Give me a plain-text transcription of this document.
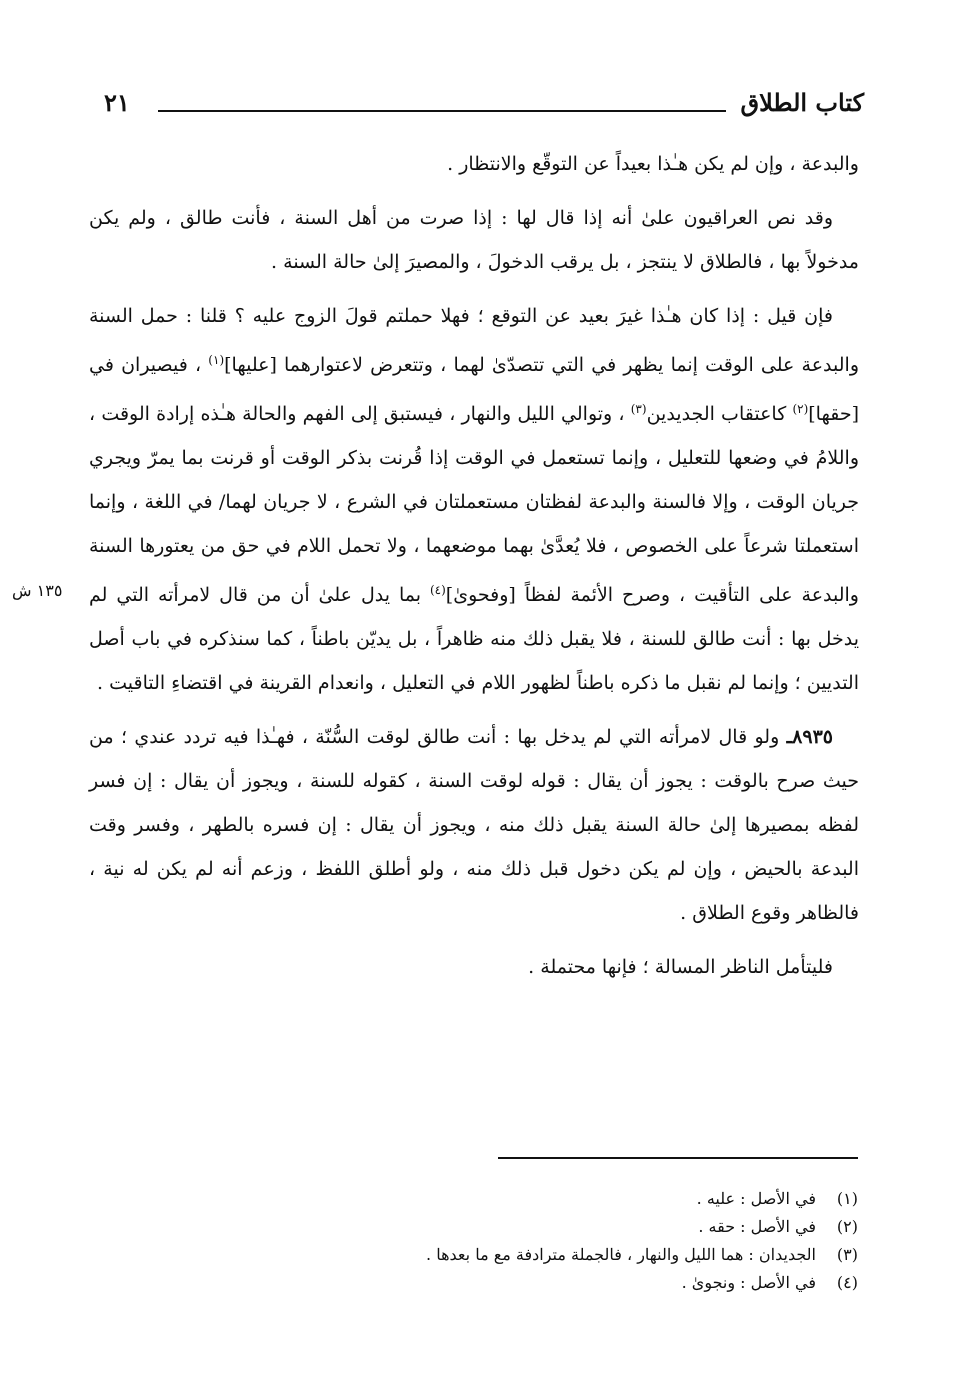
كتاب الطلاق
٢١
١٣٥ ش

والبدعة ، وإن لم يكن هـٰذا بعيداً عن التوقّع والانتظار .

وقد نص العراقيون علىٰ أنه إذا قال لها : إذا صرت من أهل السنة ، فأنت طالق ، ولم يكن مدخولاً بها ، فالطلاق لا ينتجز ، بل يرقب الدخولَ ، والمصيرَ إلىٰ حالة السنة .

فإن قيل : إذا كان هـٰذا غيرَ بعيد عن التوقع ؛ فهلا حملتم قولَ الزوج عليه ؟ قلنا : حمل السنة والبدعة على الوقت إنما يظهر في التي تتصدّىٰ لهما ، وتتعرض لاعتوارهما [عليها]$^{(١)}$ ، فيصيران في [حقها]$^{(٢)}$ كاعتقاب الجديدين$^{(٣)}$ ، وتوالي الليل والنهار ، فيستبق إلى الفهم والحالة هـٰذه إرادة الوقت ، واللامُ في وضعها للتعليل ، وإنما تستعمل في الوقت إذا قُرنت بذكر الوقت أو قرنت بما يمرّ ويجري جريان الوقت ، وإلا فالسنة والبدعة لفظتان مستعملتان في الشرع ، لا جريان لهما/ في اللغة ، وإنما استعملتا شرعاً على الخصوص ، فلا يُعدَّىٰ بهما موضعهما ، ولا تحمل اللام في حق من يعتورها السنة والبدعة على التأقيت ، وصرح الأئمة لفظاً [وفحوىٰ]$^{(٤)}$ بما يدل علىٰ أن من قال لامرأته التي لم يدخل بها : أنت طالق للسنة ، فلا يقبل ذلك منه ظاهراً ، بل يديّن باطناً ، كما سنذكره في باب أصل التديين ؛ وإنما لم نقبل ما ذكره باطناً لظهور اللام في التعليل ، وانعدام القرينة في اقتضاءِ التاقيت .

٨٩٣٥ـ ولو قال لامرأته التي لم يدخل بها : أنت طالق لوقت السُّنّة ، فهـٰذا فيه تردد عندي ؛ من حيث صرح بالوقت : يجوز أن يقال : قوله لوقت السنة ، كقوله للسنة ، ويجوز أن يقال : إن فسر لفظه بمصيرها إلىٰ حالة السنة يقبل ذلك منه ، ويجوز أن يقال : إن فسره بالطهر ، وفسر وقت البدعة بالحيض ، وإن لم يكن دخول قبل ذلك منه ، ولو أطلق اللفظ ، وزعم أنه لم يكن له نية ، فالظاهر وقوع الطلاق .

فليتأمل الناظر المسالة ؛ فإنها محتملة .

(١)
في الأصل : عليه .
(٢)
في الأصل : حقه .
(٣)
الجديدان : هما الليل والنهار ، فالجملة مترادفة مع ما بعدها .
(٤)
في الأصل : ونجوىٰ .
